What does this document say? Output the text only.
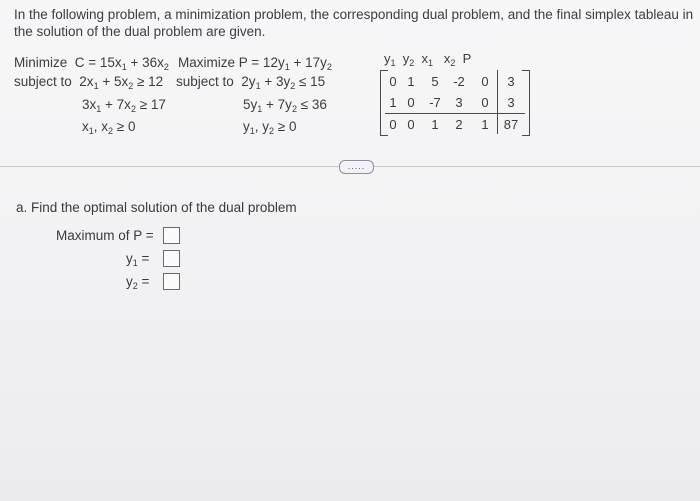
In the following problem, a minimization problem, the corresponding dual problem, and the final simplex tableau in
the solution of the dual problem are given.
Minimize $C = 15x_1 + 36x_2$
subject to  $2x_1 + 5x_2 \ge 12$
$3x_1 + 7x_2 \ge 17$
$x_1$, $x_2 \ge 0$
Maximize $P = 12y_1 + 17y_2$
subject to  $2y_1 + 3y_2 \le 15$
$5y_1 + 7y_2 \le 36$
$y_1$, $y_2 \ge 0$
$y_1$  $y_2$  $x_1$   $x_2$ P
0 1	5	-2	0	3
1 0	-7	3	0	3
0 0	1	2	1	87
.....
a. Find the optimal solution of the dual problem
Maximum of P =
$y_1$ =
$y_2$ =
